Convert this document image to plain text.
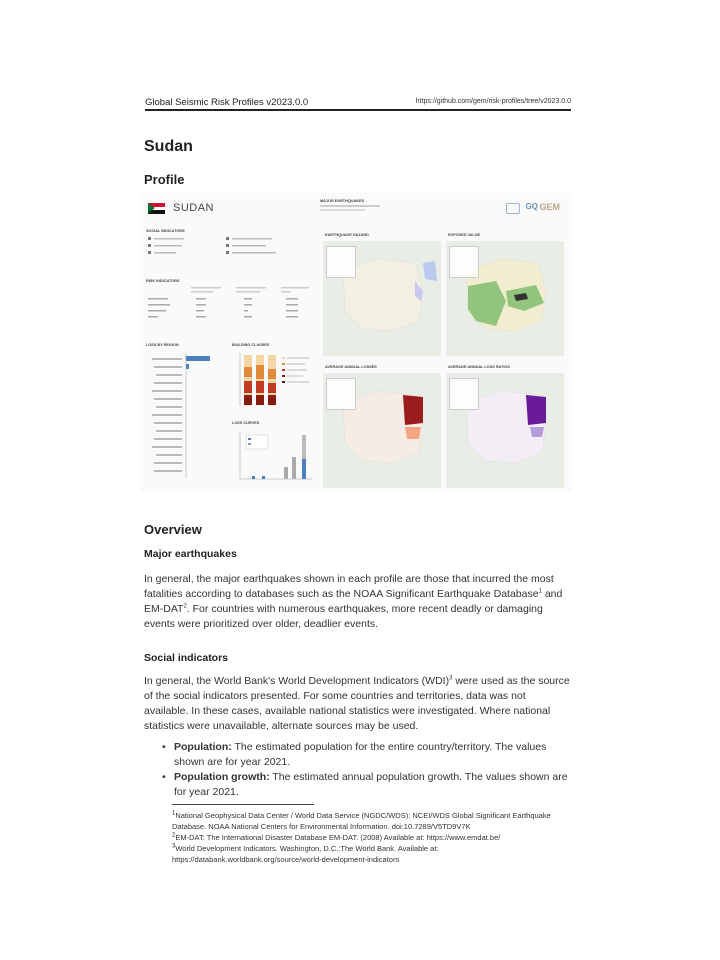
Global Seismic Risk Profiles v2023.0.0	https://github.com/gem/risk-profiles/tree/v2023.0.0
Sudan
Profile
SUDAN
MAJOR EARTHQUAKES
GQ GEM
SOCIAL INDICATORS
RISK INDICATORS
LOSS BY REGION	BUILDING CLASSES
LOSS CURVES
EARTHQUAKE HAZARD	EXPOSED VALUE
AVERAGE ANNUAL LOSSES	AVERAGE ANNUAL LOSS RATIOS
Overview
Major earthquakes
In general, the major earthquakes shown in each profile are those that incurred the most fatalities according to databases such as the NOAA Significant Earthquake Database$^1$ and EM-DAT$^2$. For countries with numerous earthquakes, more recent deadly or damaging events were prioritized over older, deadlier events.
Social indicators
In general, the World Bank's World Development Indicators (WDI)$^3$ were used as the source of the social indicators presented. For some countries and territories, data was not available. In these cases, available national statistics were investigated. Where national statistics were unavailable, alternate sources may be used.
• Population: The estimated population for the entire country/territory. The values shown are for year 2021.
• Population growth: The estimated annual population growth. The values shown are for year 2021.
$^1$National Geophysical Data Center / World Data Service (NGDC/WDS): NCEI/WDS Global Significant Earthquake Database. NOAA National Centers for Environmental Information. doi:10.7289/V5TD9V7K
$^2$EM-DAT: The International Disaster Database EM-DAT. (2008) Available at: https://www.emdat.be/
$^3$World Development Indicators. Washington, D.C.:The World Bank. Available at: https://databank.worldbank.org/source/world-development-indicators
